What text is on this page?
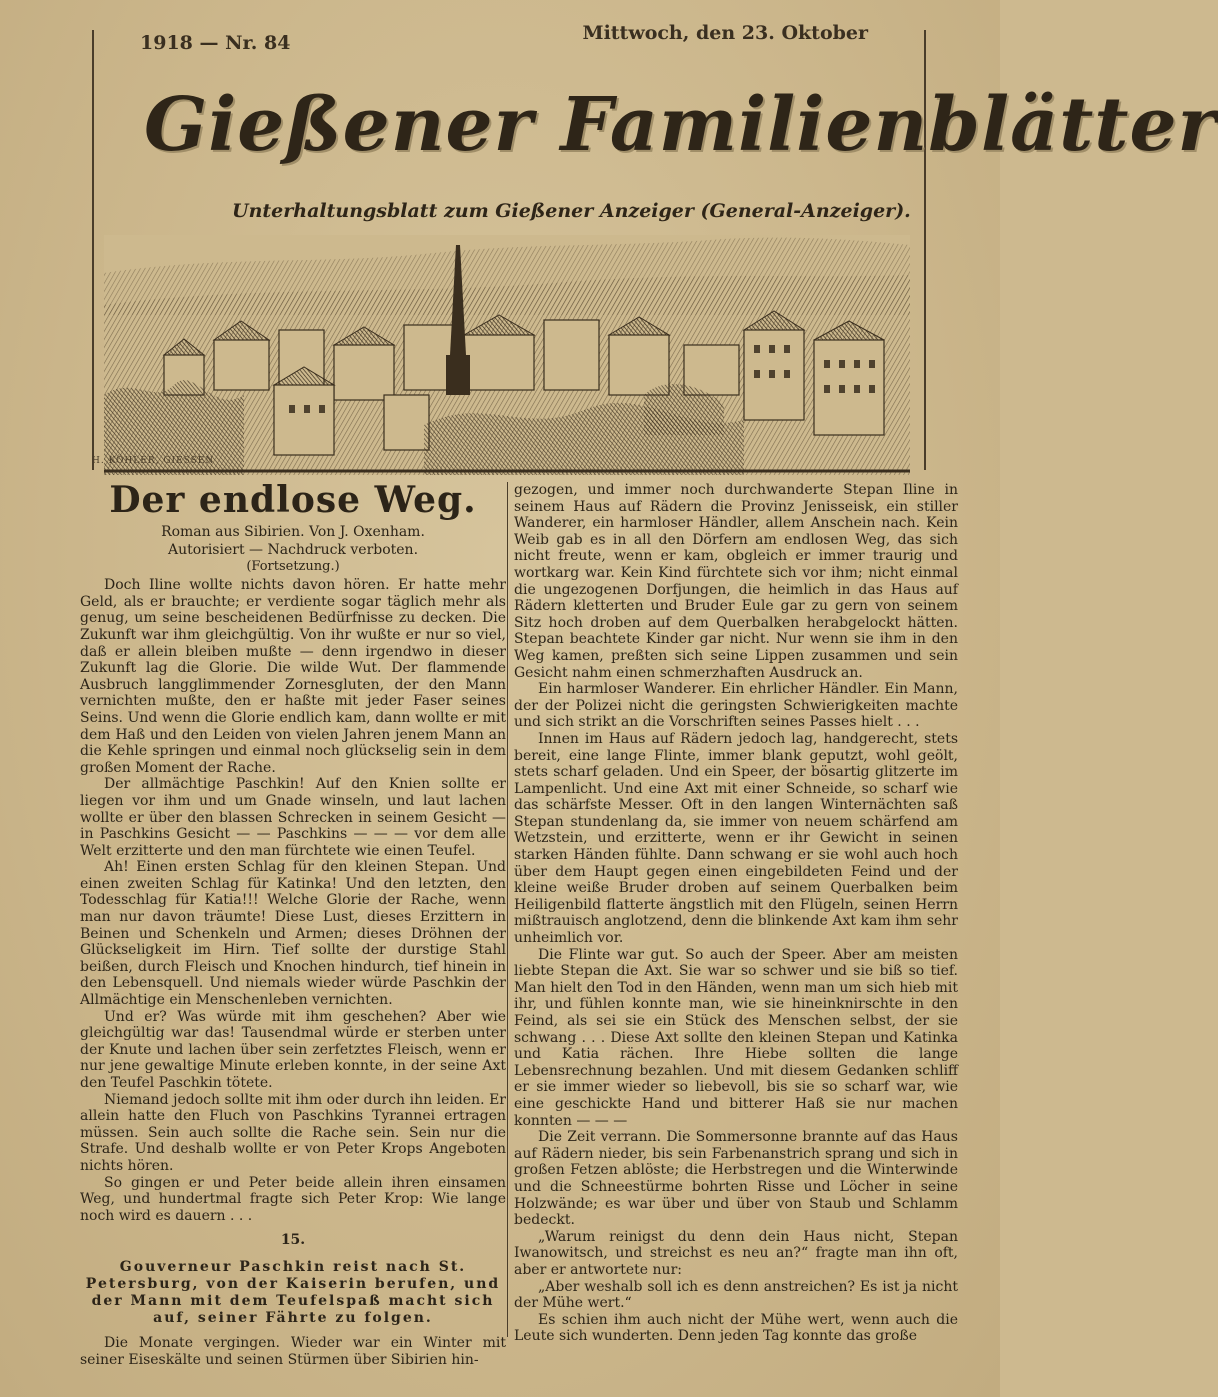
1918 — Nr. 84	Mittwoch, den 23. Oktober
Gießener Familienblätter
Unterhaltungsblatt zum Gießener Anzeiger (General-Anzeiger).
H. KÖHLER, GIESSEN
Der endlose Weg.
Roman aus Sibirien. Von J. Oxenham.
Autorisiert — Nachdruck verboten.
(Fortsetzung.)

Doch Iline wollte nichts davon hören. Er hatte mehr Geld, als er brauchte; er verdiente sogar täglich mehr als genug, um seine bescheidenen Bedürfnisse zu decken. Die Zukunft war ihm gleichgültig. Von ihr wußte er nur so viel, daß er allein bleiben mußte — denn irgendwo in dieser Zukunft lag die Glorie. Die wilde Wut. Der flammende Ausbruch langglimmender Zornesgluten, der den Mann vernichten mußte, den er haßte mit jeder Faser seines Seins. Und wenn die Glorie endlich kam, dann wollte er mit dem Haß und den Leiden von vielen Jahren jenem Mann an die Kehle springen und einmal noch glückselig sein in dem großen Moment der Rache.

Der allmächtige Paschkin! Auf den Knien sollte er liegen vor ihm und um Gnade winseln, und laut lachen wollte er über den blassen Schrecken in seinem Gesicht — in Paschkins Gesicht — — Paschkins — — — vor dem alle Welt erzitterte und den man fürchtete wie einen Teufel.

Ah! Einen ersten Schlag für den kleinen Stepan. Und einen zweiten Schlag für Katinka! Und den letzten, den Todesschlag für Katia!!! Welche Glorie der Rache, wenn man nur davon träumte! Diese Lust, dieses Erzittern in Beinen und Schenkeln und Armen; dieses Dröhnen der Glückseligkeit im Hirn. Tief sollte der durstige Stahl beißen, durch Fleisch und Knochen hindurch, tief hinein in den Lebensquell. Und niemals wieder würde Paschkin der Allmächtige ein Menschenleben vernichten.

Und er? Was würde mit ihm geschehen? Aber wie gleichgültig war das! Tausendmal würde er sterben unter der Knute und lachen über sein zerfetztes Fleisch, wenn er nur jene gewaltige Minute erleben konnte, in der seine Axt den Teufel Paschkin tötete.

Niemand jedoch sollte mit ihm oder durch ihn leiden. Er allein hatte den Fluch von Paschkins Tyrannei ertragen müssen. Sein auch sollte die Rache sein. Sein nur die Strafe. Und deshalb wollte er von Peter Krops Angeboten nichts hören.

So gingen er und Peter beide allein ihren einsamen Weg, und hundertmal fragte sich Peter Krop: Wie lange noch wird es dauern . . .

15.
Gouverneur Paschkin reist nach St. Petersburg, von der Kaiserin berufen, und der Mann mit dem Teufelspaß macht sich auf, seiner Fährte zu folgen.

Die Monate vergingen. Wieder war ein Winter mit seiner Eiseskälte und seinen Stürmen über Sibirien hin-

gezogen, und immer noch durchwanderte Stepan Iline in seinem Haus auf Rädern die Provinz Jenisseisk, ein stiller Wanderer, ein harmloser Händler, allem Anschein nach. Kein Weib gab es in all den Dörfern am endlosen Weg, das sich nicht freute, wenn er kam, obgleich er immer traurig und wortkarg war. Kein Kind fürchtete sich vor ihm; nicht einmal die ungezogenen Dorfjungen, die heimlich in das Haus auf Rädern kletterten und Bruder Eule gar zu gern von seinem Sitz hoch droben auf dem Querbalken herabgelockt hätten. Stepan beachtete Kinder gar nicht. Nur wenn sie ihm in den Weg kamen, preßten sich seine Lippen zusammen und sein Gesicht nahm einen schmerzhaften Ausdruck an.

Ein harmloser Wanderer. Ein ehrlicher Händler. Ein Mann, der der Polizei nicht die geringsten Schwierigkeiten machte und sich strikt an die Vorschriften seines Passes hielt . . .

Innen im Haus auf Rädern jedoch lag, handgerecht, stets bereit, eine lange Flinte, immer blank geputzt, wohl geölt, stets scharf geladen. Und ein Speer, der bösartig glitzerte im Lampenlicht. Und eine Axt mit einer Schneide, so scharf wie das schärfste Messer. Oft in den langen Winternächten saß Stepan stundenlang da, sie immer von neuem schärfend am Wetzstein, und erzitterte, wenn er ihr Gewicht in seinen starken Händen fühlte. Dann schwang er sie wohl auch hoch über dem Haupt gegen einen eingebildeten Feind und der kleine weiße Bruder droben auf seinem Querbalken beim Heiligenbild flatterte ängstlich mit den Flügeln, seinen Herrn mißtrauisch anglotzend, denn die blinkende Axt kam ihm sehr unheimlich vor.

Die Flinte war gut. So auch der Speer. Aber am meisten liebte Stepan die Axt. Sie war so schwer und sie biß so tief. Man hielt den Tod in den Händen, wenn man um sich hieb mit ihr, und fühlen konnte man, wie sie hineinknirschte in den Feind, als sei sie ein Stück des Menschen selbst, der sie schwang . . . Diese Axt sollte den kleinen Stepan und Katinka und Katia rächen. Ihre Hiebe sollten die lange Lebensrechnung bezahlen. Und mit diesem Gedanken schliff er sie immer wieder so liebevoll, bis sie so scharf war, wie eine geschickte Hand und bitterer Haß sie nur machen konnten — — —

Die Zeit verrann. Die Sommersonne brannte auf das Haus auf Rädern nieder, bis sein Farbenanstrich sprang und sich in großen Fetzen ablöste; die Herbstregen und die Winterwinde und die Schneestürme bohrten Risse und Löcher in seine Holzwände; es war über und über von Staub und Schlamm bedeckt.

„Warum reinigst du denn dein Haus nicht, Stepan Iwanowitsch, und streichst es neu an?“ fragte man ihn oft, aber er antwortete nur:

„Aber weshalb soll ich es denn anstreichen? Es ist ja nicht der Mühe wert.“

Es schien ihm auch nicht der Mühe wert, wenn auch die Leute sich wunderten. Denn jeden Tag konnte das große
